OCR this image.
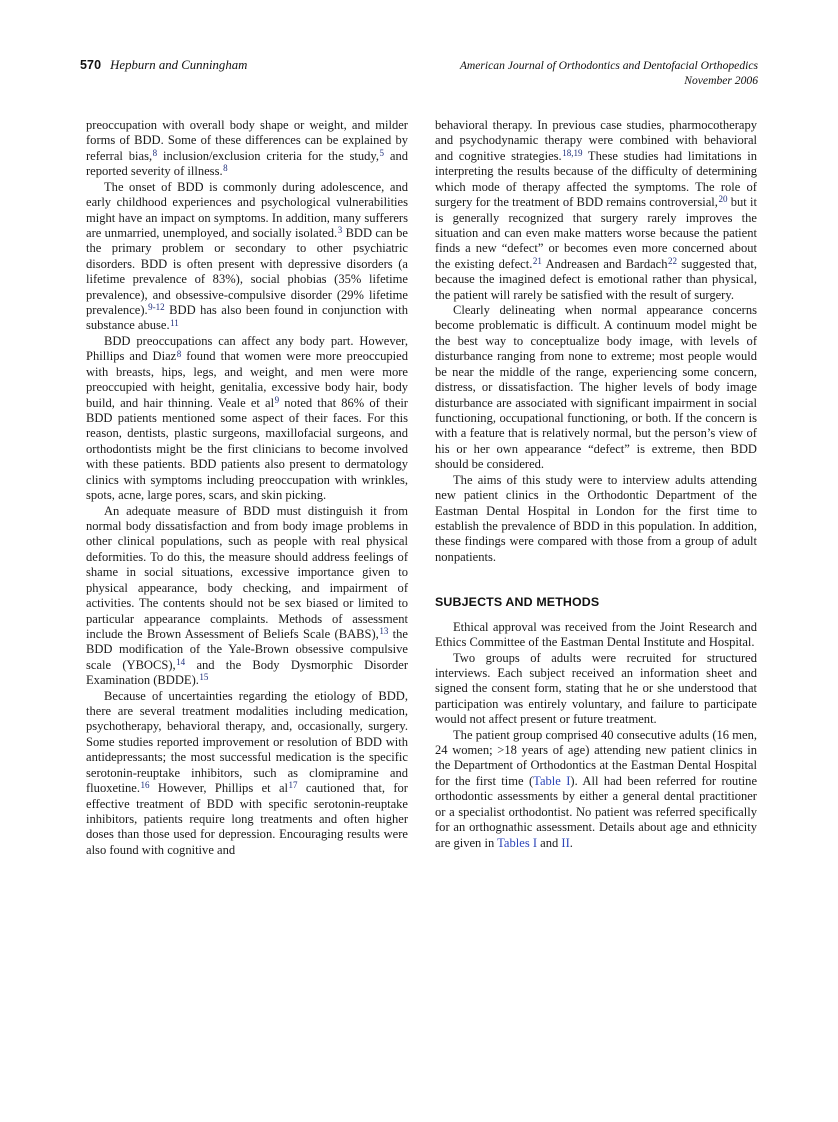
570 Hepburn and Cunningham	American Journal of Orthodontics and Dentofacial Orthopedics
November 2006

preoccupation with overall body shape or weight, and milder forms of BDD. Some of these differences can be explained by referral bias,$^8$ inclusion/exclusion criteria for the study,$^5$ and reported severity of illness.$^8$

The onset of BDD is commonly during adolescence, and early childhood experiences and psychological vulnerabilities might have an impact on symptoms. In addition, many sufferers are unmarried, unemployed, and socially isolated.$^3$ BDD can be the primary problem or secondary to other psychiatric disorders. BDD is often present with depressive disorders (a lifetime prevalence of 83%), social phobias (35% lifetime prevalence), and obsessive-compulsive disorder (29% lifetime prevalence).$^{9-12}$ BDD has also been found in conjunction with substance abuse.$^{11}$

BDD preoccupations can affect any body part. However, Phillips and Diaz$^8$ found that women were more preoccupied with breasts, hips, legs, and weight, and men were more preoccupied with height, genitalia, excessive body hair, body build, and hair thinning. Veale et al$^9$ noted that 86% of their BDD patients mentioned some aspect of their faces. For this reason, dentists, plastic surgeons, maxillofacial surgeons, and orthodontists might be the first clinicians to become involved with these patients. BDD patients also present to dermatology clinics with symptoms including preoccupation with wrinkles, spots, acne, large pores, scars, and skin picking.

An adequate measure of BDD must distinguish it from normal body dissatisfaction and from body image problems in other clinical populations, such as people with real physical deformities. To do this, the measure should address feelings of shame in social situations, excessive importance given to physical appearance, body checking, and impairment of activities. The contents should not be sex biased or limited to particular appearance complaints. Methods of assessment include the Brown Assessment of Beliefs Scale (BABS),$^{13}$ the BDD modification of the Yale-Brown obsessive compulsive scale (YBOCS),$^{14}$ and the Body Dysmorphic Disorder Examination (BDDE).$^{15}$

Because of uncertainties regarding the etiology of BDD, there are several treatment modalities including medication, psychotherapy, behavioral therapy, and, occasionally, surgery. Some studies reported improvement or resolution of BDD with antidepressants; the most successful medication is the specific serotonin-reuptake inhibitors, such as clomipramine and fluoxetine.$^{16}$ However, Phillips et al$^{17}$ cautioned that, for effective treatment of BDD with specific serotonin-reuptake inhibitors, patients require long treatments and often higher doses than those used for depression. Encouraging results were also found with cognitive and

behavioral therapy. In previous case studies, pharmocotherapy and psychodynamic therapy were combined with behavioral and cognitive strategies.$^{18,19}$ These studies had limitations in interpreting the results because of the difficulty of determining which mode of therapy affected the symptoms. The role of surgery for the treatment of BDD remains controversial,$^{20}$ but it is generally recognized that surgery rarely improves the situation and can even make matters worse because the patient finds a new “defect” or becomes even more concerned about the existing defect.$^{21}$ Andreasen and Bardach$^{22}$ suggested that, because the imagined defect is emotional rather than physical, the patient will rarely be satisfied with the result of surgery.

Clearly delineating when normal appearance concerns become problematic is difficult. A continuum model might be the best way to conceptualize body image, with levels of disturbance ranging from none to extreme; most people would be near the middle of the range, experiencing some concern, distress, or dissatisfaction. The higher levels of body image disturbance are associated with significant impairment in social functioning, occupational functioning, or both. If the concern is with a feature that is relatively normal, but the person’s view of his or her own appearance “defect” is extreme, then BDD should be considered.

The aims of this study were to interview adults attending new patient clinics in the Orthodontic Department of the Eastman Dental Hospital in London for the first time to establish the prevalence of BDD in this population. In addition, these findings were compared with those from a group of adult nonpatients.

SUBJECTS AND METHODS

Ethical approval was received from the Joint Research and Ethics Committee of the Eastman Dental Institute and Hospital.

Two groups of adults were recruited for structured interviews. Each subject received an information sheet and signed the consent form, stating that he or she understood that participation was entirely voluntary, and failure to participate would not affect present or future treatment.

The patient group comprised 40 consecutive adults (16 men, 24 women; >18 years of age) attending new patient clinics in the Department of Orthodontics at the Eastman Dental Hospital for the first time (Table I). All had been referred for routine orthodontic assessments by either a general dental practitioner or a specialist orthodontist. No patient was referred specifically for an orthognathic assessment. Details about age and ethnicity are given in Tables I and II.
